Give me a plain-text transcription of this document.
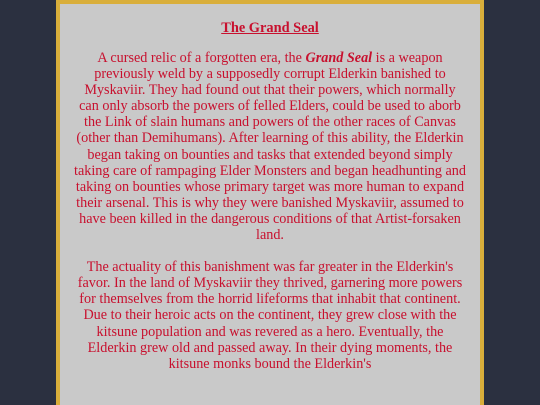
The Grand Seal

A cursed relic of a forgotten era, the Grand Seal is a weapon previously weld by a supposedly corrupt Elderkin banished to Myskaviir. They had found out that their powers, which normally can only absorb the powers of felled Elders, could be used to aborb the Link of slain humans and powers of the other races of Canvas (other than Demihumans). After learning of this ability, the Elderkin began taking on bounties and tasks that extended beyond simply taking care of rampaging Elder Monsters and began headhunting and taking on bounties whose primary target was more human to expand their arsenal. This is why they were banished Myskaviir, assumed to have been killed in the dangerous conditions of that Artist-forsaken land.

The actuality of this banishment was far greater in the Elderkin's favor. In the land of Myskaviir they thrived, garnering more powers for themselves from the horrid lifeforms that inhabit that continent. Due to their heroic acts on the continent, they grew close with the kitsune population and was revered as a hero. Eventually, the Elderkin grew old and passed away. In their dying moments, the kitsune monks bound the Elderkin's
